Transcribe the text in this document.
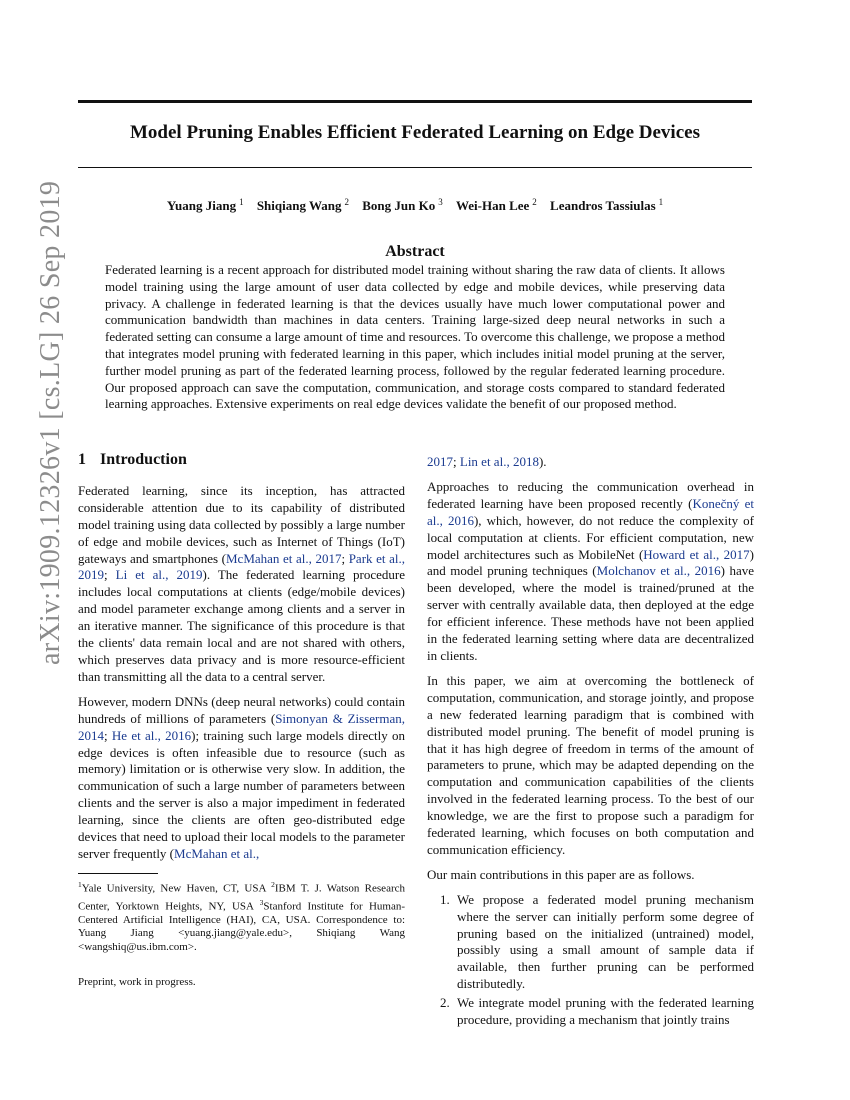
arXiv:1909.12326v1 [cs.LG] 26 Sep 2019
Model Pruning Enables Efficient Federated Learning on Edge Devices
Yuang Jiang $^1$ Shiqiang Wang $^2$ Bong Jun Ko $^3$ Wei-Han Lee $^2$ Leandros Tassiulas $^1$
Abstract
Federated learning is a recent approach for distributed model training without sharing the raw data of clients. It allows model training using the large amount of user data collected by edge and mobile devices, while preserving data privacy. A challenge in federated learning is that the devices usually have much lower computational power and communication bandwidth than machines in data centers. Training large-sized deep neural networks in such a federated setting can consume a large amount of time and resources. To overcome this challenge, we propose a method that integrates model pruning with federated learning in this paper, which includes initial model pruning at the server, further model pruning as part of the federated learning process, followed by the regular federated learning procedure. Our proposed approach can save the computation, communication, and storage costs compared to standard federated learning approaches. Extensive experiments on real edge devices validate the benefit of our proposed method.
1 Introduction

Federated learning, since its inception, has attracted considerable attention due to its capability of distributed model training using data collected by possibly a large number of edge and mobile devices, such as Internet of Things (IoT) gateways and smartphones (McMahan et al., 2017; Park et al., 2019; Li et al., 2019). The federated learning procedure includes local computations at clients (edge/mobile devices) and model parameter exchange among clients and a server in an iterative manner. The significance of this procedure is that the clients' data remain local and are not shared with others, which preserves data privacy and is more resource-efficient than transmitting all the data to a central server.

However, modern DNNs (deep neural networks) could contain hundreds of millions of parameters (Simonyan & Zisserman, 2014; He et al., 2016); training such large models directly on edge devices is often infeasible due to resource (such as memory) limitation or is otherwise very slow. In addition, the communication of such a large number of parameters between clients and the server is also a major impediment in federated learning, since the clients are often geo-distributed edge devices that need to upload their local models to the parameter server frequently (McMahan et al.,

$^1$Yale University, New Haven, CT, USA $^2$IBM T. J. Watson Research Center, Yorktown Heights, NY, USA $^3$Stanford Institute for Human-Centered Artificial Intelligence (HAI), CA, USA. Correspondence to: Yuang Jiang <yuang.jiang@yale.edu>, Shiqiang Wang <wangshiq@us.ibm.com>.
Preprint, work in progress.

2017; Lin et al., 2018).

Approaches to reducing the communication overhead in federated learning have been proposed recently (Konečný et al., 2016), which, however, do not reduce the complexity of local computation at clients. For efficient computation, new model architectures such as MobileNet (Howard et al., 2017) and model pruning techniques (Molchanov et al., 2016) have been developed, where the model is trained/pruned at the server with centrally available data, then deployed at the edge for efficient inference. These methods have not been applied in the federated learning setting where data are decentralized in clients.

In this paper, we aim at overcoming the bottleneck of computation, communication, and storage jointly, and propose a new federated learning paradigm that is combined with distributed model pruning. The benefit of model pruning is that it has high degree of freedom in terms of the amount of parameters to prune, which may be adapted depending on the computation and communication capabilities of the clients involved in the federated learning process. To the best of our knowledge, we are the first to propose such a paradigm for federated learning, which focuses on both computation and communication efficiency.

Our main contributions in this paper are as follows.

1. We propose a federated model pruning mechanism where the server can initially perform some degree of pruning based on the initialized (untrained) model, possibly using a small amount of sample data if available, then further pruning can be performed distributedly.
2. We integrate model pruning with the federated learning procedure, providing a mechanism that jointly trains
